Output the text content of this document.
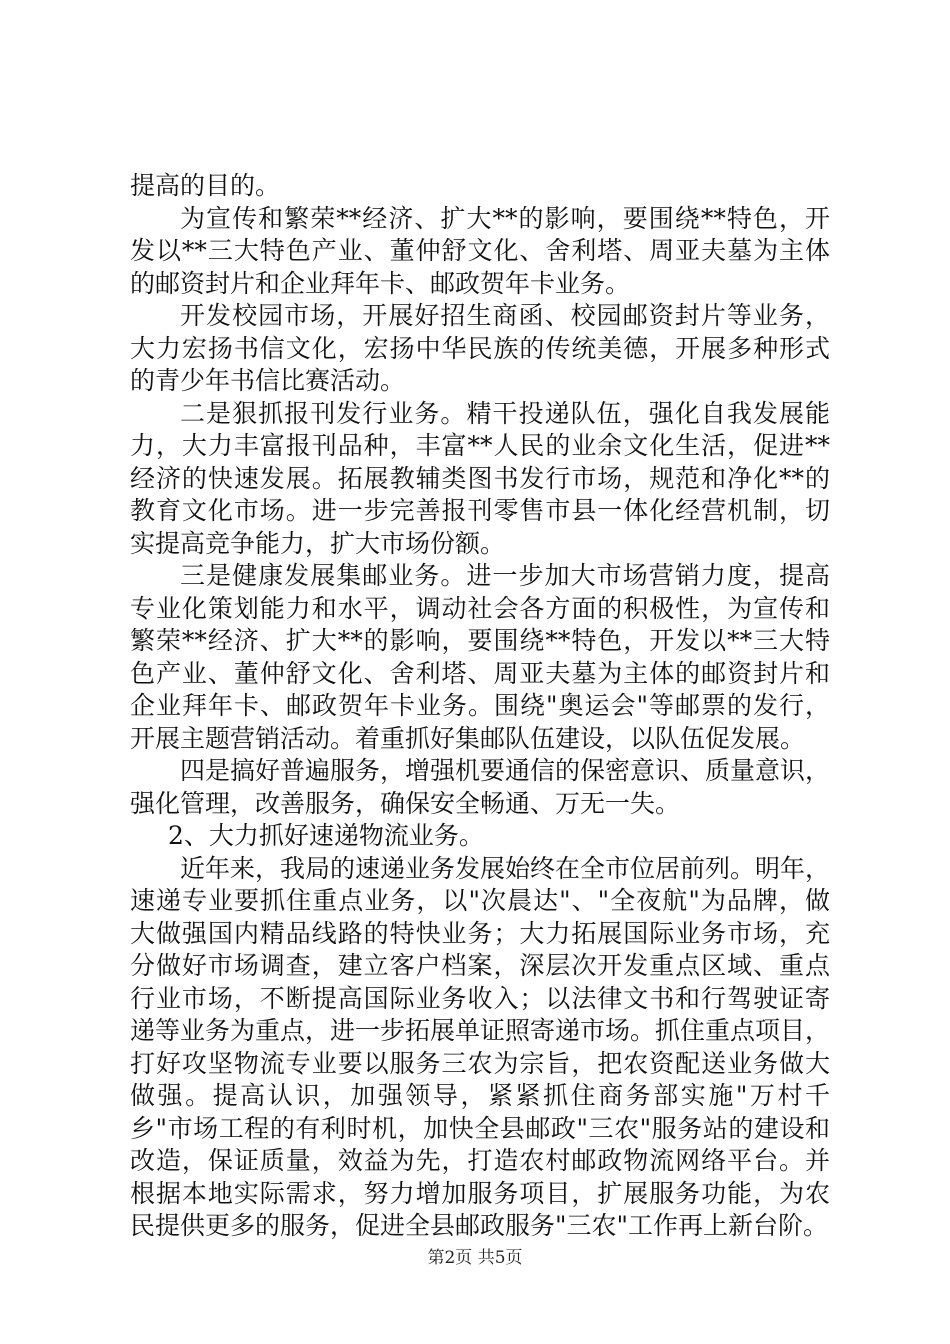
提高的目的。
为宣传和繁荣**经济、扩大**的影响，要围绕**特色，开
发以**三大特色产业、董仲舒文化、舍利塔、周亚夫墓为主体
的邮资封片和企业拜年卡、邮政贺年卡业务。
开发校园市场，开展好招生商函、校园邮资封片等业务，
大力宏扬书信文化，宏扬中华民族的传统美德，开展多种形式
的青少年书信比赛活动。
二是狠抓报刊发行业务。精干投递队伍，强化自我发展能
力，大力丰富报刊品种，丰富**人民的业余文化生活，促进**
经济的快速发展。拓展教辅类图书发行市场，规范和净化**的
教育文化市场。进一步完善报刊零售市县一体化经营机制，切
实提高竞争能力，扩大市场份额。
三是健康发展集邮业务。进一步加大市场营销力度，提高
专业化策划能力和水平，调动社会各方面的积极性，为宣传和
繁荣**经济、扩大**的影响，要围绕**特色，开发以**三大特
色产业、董仲舒文化、舍利塔、周亚夫墓为主体的邮资封片和
企业拜年卡、邮政贺年卡业务。围绕"奥运会"等邮票的发行，
开展主题营销活动。着重抓好集邮队伍建设，以队伍促发展。
四是搞好普遍服务，增强机要通信的保密意识、质量意识，
强化管理，改善服务，确保安全畅通、万无一失。
2、大力抓好速递物流业务。
近年来，我局的速递业务发展始终在全市位居前列。明年，
速递专业要抓住重点业务，以"次晨达"、"全夜航"为品牌，做
大做强国内精品线路的特快业务；大力拓展国际业务市场，充
分做好市场调查，建立客户档案，深层次开发重点区域、重点
行业市场，不断提高国际业务收入；以法律文书和行驾驶证寄
递等业务为重点，进一步拓展单证照寄递市场。抓住重点项目，
打好攻坚物流专业要以服务三农为宗旨，把农资配送业务做大
做强。提高认识，加强领导，紧紧抓住商务部实施"万村千
乡"市场工程的有利时机，加快全县邮政"三农"服务站的建设和
改造，保证质量，效益为先，打造农村邮政物流网络平台。并
根据本地实际需求，努力增加服务项目，扩展服务功能，为农
民提供更多的服务，促进全县邮政服务"三农"工作再上新台阶。
第2页 共5页
